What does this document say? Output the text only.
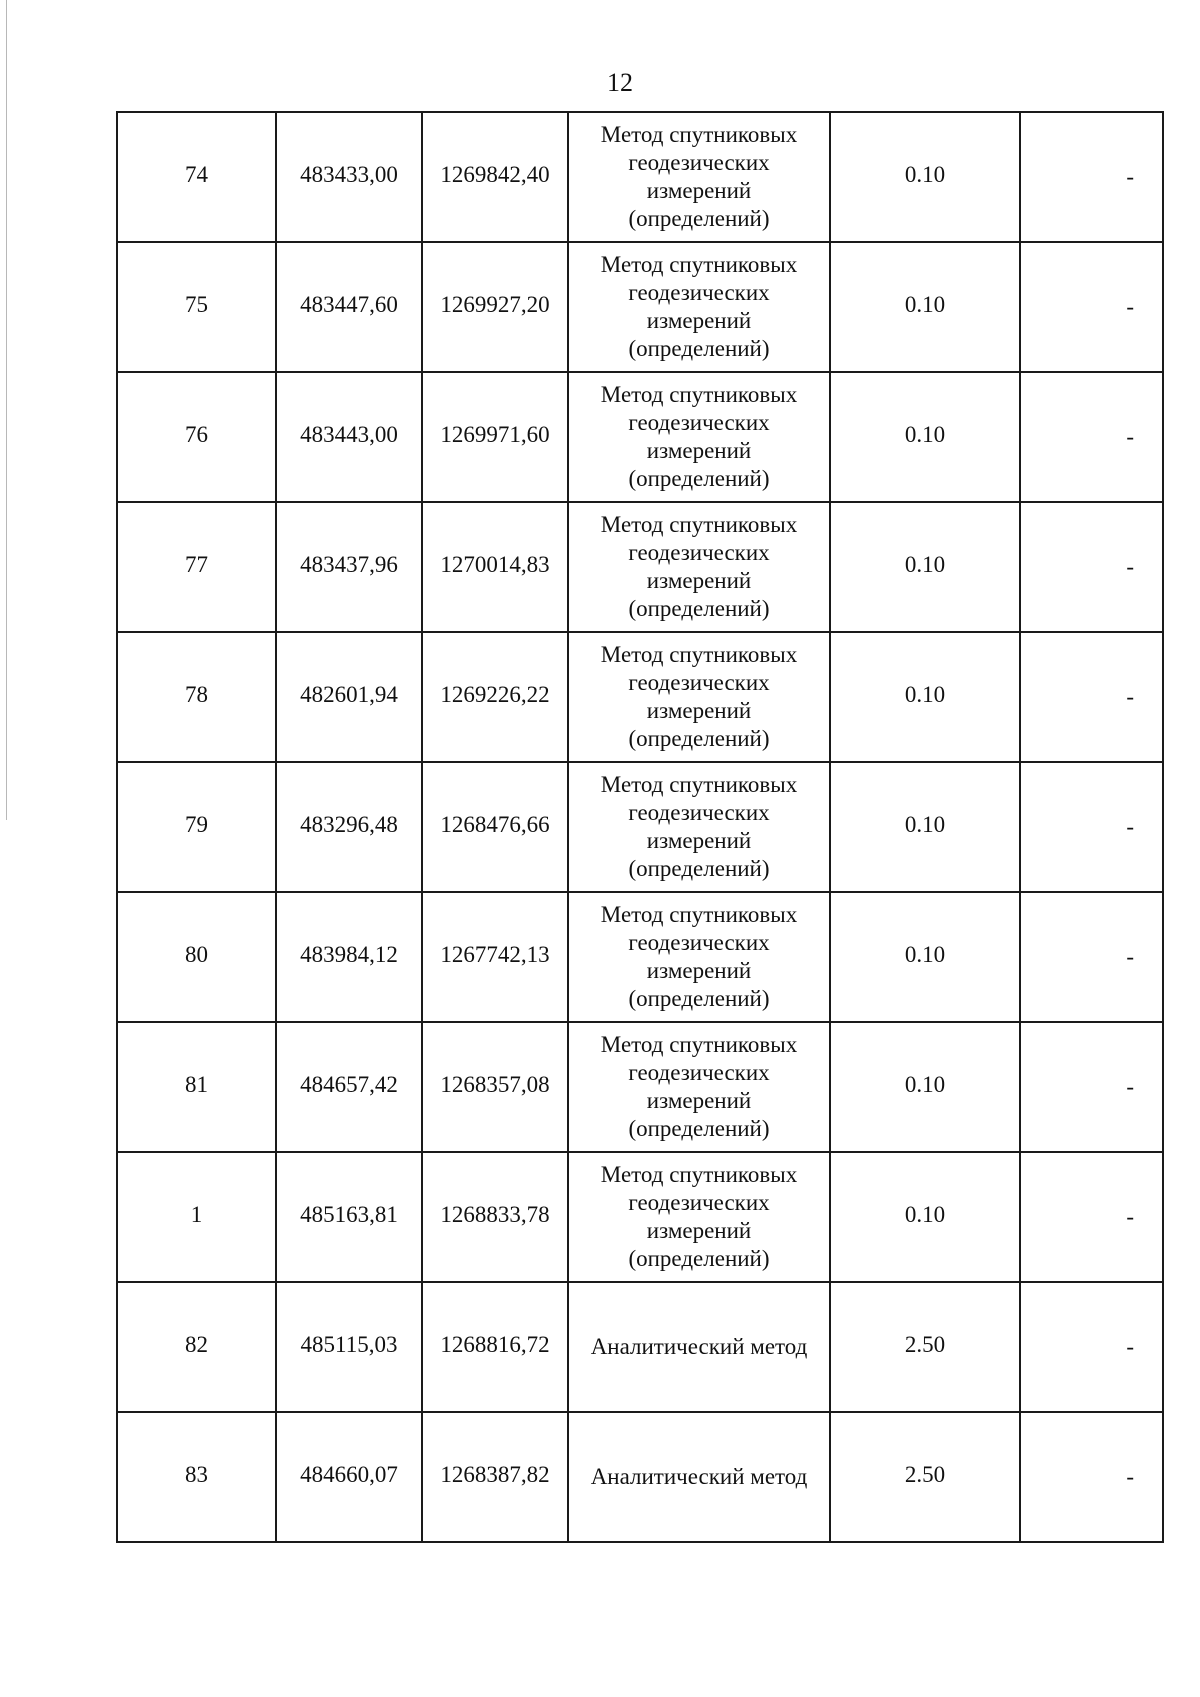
12
74	483433,00	1269842,40	Метод спутниковых геодезических измерений (определений)	0.10	-
75	483447,60	1269927,20	Метод спутниковых геодезических измерений (определений)	0.10	-
76	483443,00	1269971,60	Метод спутниковых геодезических измерений (определений)	0.10	-
77	483437,96	1270014,83	Метод спутниковых геодезических измерений (определений)	0.10	-
78	482601,94	1269226,22	Метод спутниковых геодезических измерений (определений)	0.10	-
79	483296,48	1268476,66	Метод спутниковых геодезических измерений (определений)	0.10	-
80	483984,12	1267742,13	Метод спутниковых геодезических измерений (определений)	0.10	-
81	484657,42	1268357,08	Метод спутниковых геодезических измерений (определений)	0.10	-
1	485163,81	1268833,78	Метод спутниковых геодезических измерений (определений)	0.10	-
82	485115,03	1268816,72	Аналитический метод	2.50	-
83	484660,07	1268387,82	Аналитический метод	2.50	-
